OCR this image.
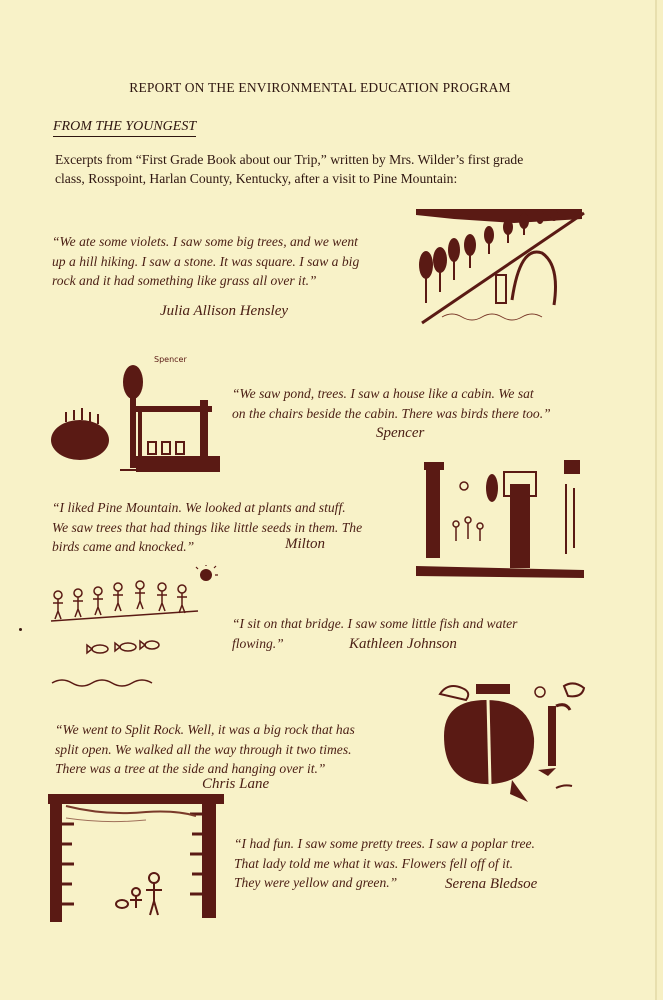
REPORT ON THE ENVIRONMENTAL EDUCATION PROGRAM
FROM THE YOUNGEST
Excerpts from “First Grade Book about our Trip,” written by Mrs. Wilder’s first grade
class, Rosspoint, Harlan County, Kentucky, after a visit to Pine Mountain:
“We ate some violets. I saw some big trees, and we went
up a hill hiking. I saw a stone. It was square. I saw a big
rock and it had something like grass all over it.”
Julia Allison Hensley
Spencer
“We saw pond, trees. I saw a house like a cabin. We sat
on the chairs beside the cabin. There was birds there too.”
Spencer
“I liked Pine Mountain. We looked at plants and stuff.
We saw trees that had things like little seeds in them. The
birds came and knocked.”	Milton
“I sit on that bridge. I saw some little fish and water
flowing.”	Kathleen Johnson
“We went to Split Rock. Well, it was a big rock that has
split open. We walked all the way through it two times.
There was a tree at the side and hanging over it.”
Chris Lane
“I had fun. I saw some pretty trees. I saw a poplar tree.
That lady told me what it was. Flowers fell off of it.
They were yellow and green.”	Serena Bledsoe
